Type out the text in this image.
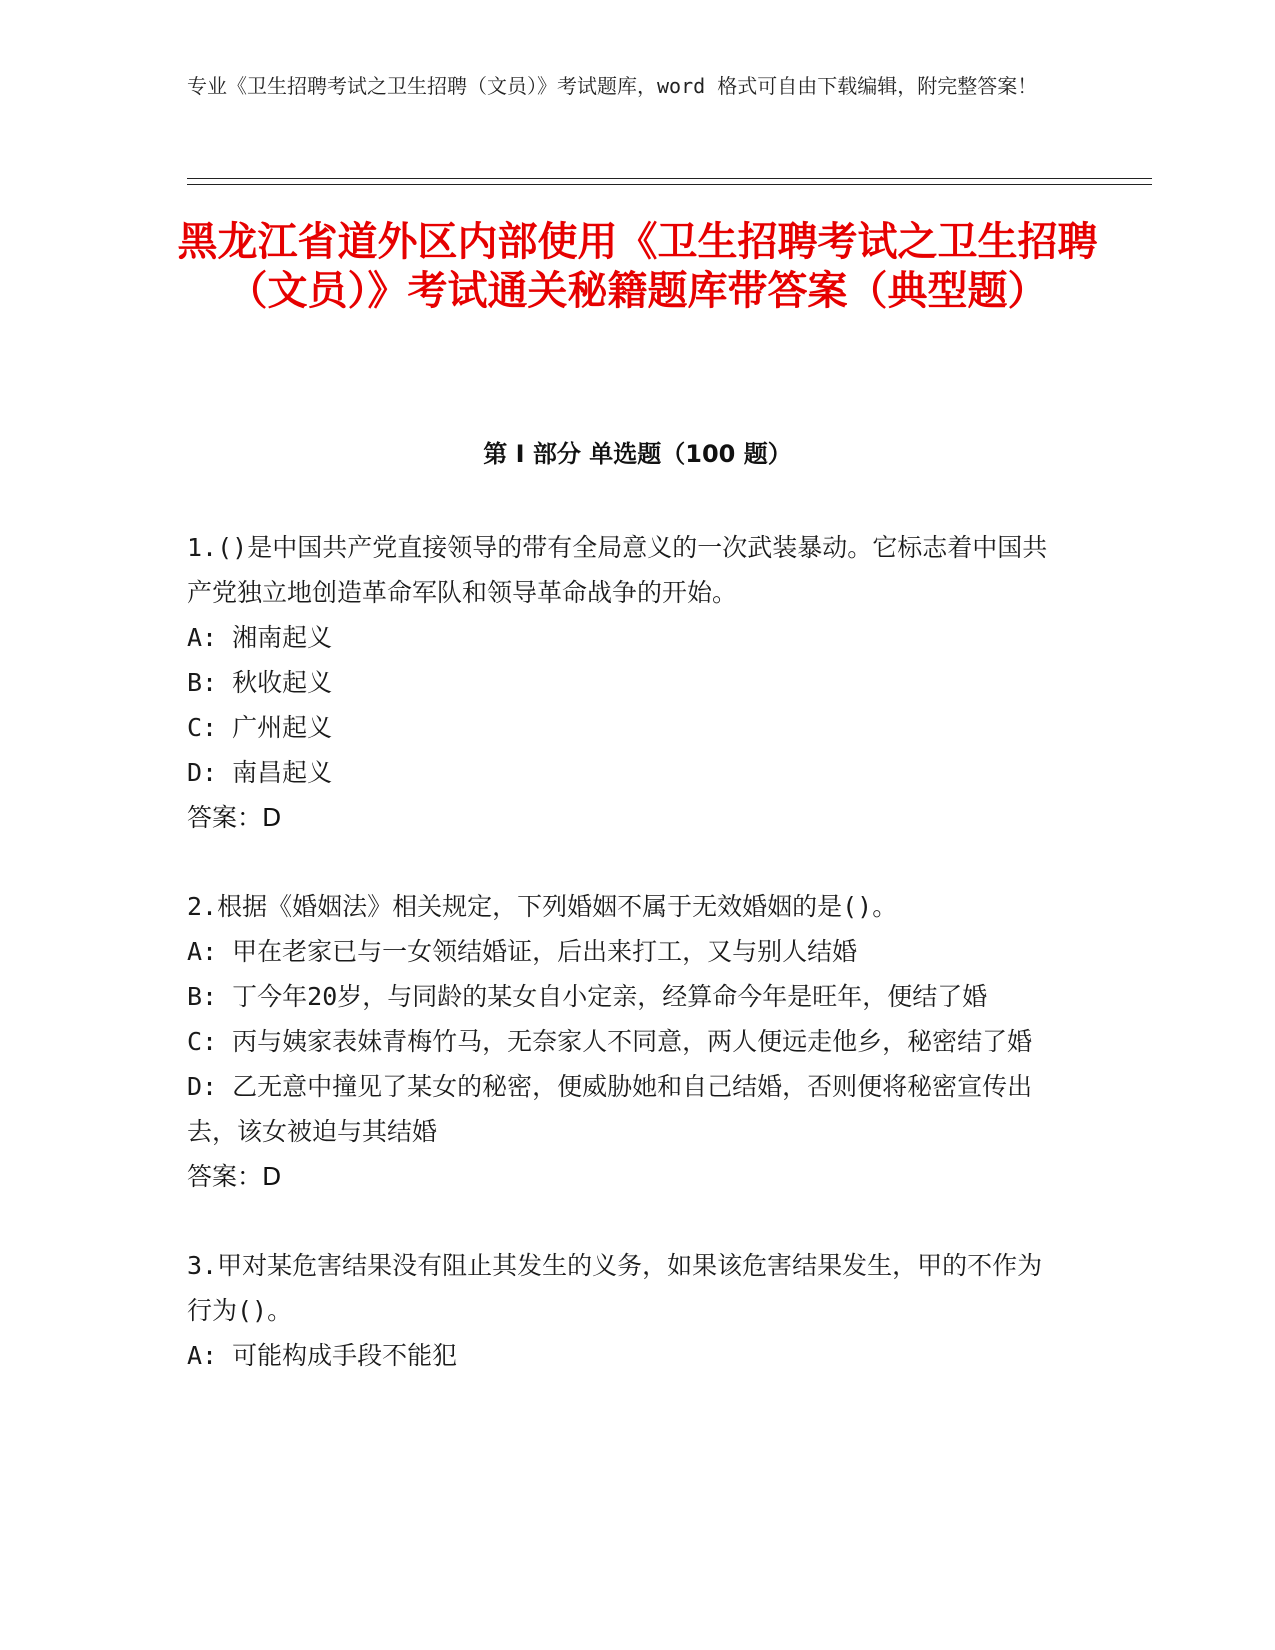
专业《卫生招聘考试之卫生招聘（文员）》考试题库，word 格式可自由下载编辑，附完整答案！
黑龙江省道外区内部使用《卫生招聘考试之卫生招聘（文员）》考试通关秘籍题库带答案（典型题）
第 I 部分 单选题（100 题）

1.()是中国共产党直接领导的带有全局意义的一次武装暴动。它标志着中国共产党独立地创造革命军队和领导革命战争的开始。

A: 湘南起义

B: 秋收起义

C: 广州起义

D: 南昌起义

答案：D

2.根据《婚姻法》相关规定，下列婚姻不属于无效婚姻的是()。

A: 甲在老家已与一女领结婚证，后出来打工，又与别人结婚

B: 丁今年20岁，与同龄的某女自小定亲，经算命今年是旺年，便结了婚

C: 丙与姨家表妹青梅竹马，无奈家人不同意，两人便远走他乡，秘密结了婚

D: 乙无意中撞见了某女的秘密，便威胁她和自己结婚，否则便将秘密宣传出去，该女被迫与其结婚

答案：D

3.甲对某危害结果没有阻止其发生的义务，如果该危害结果发生，甲的不作为行为()。

A: 可能构成手段不能犯
